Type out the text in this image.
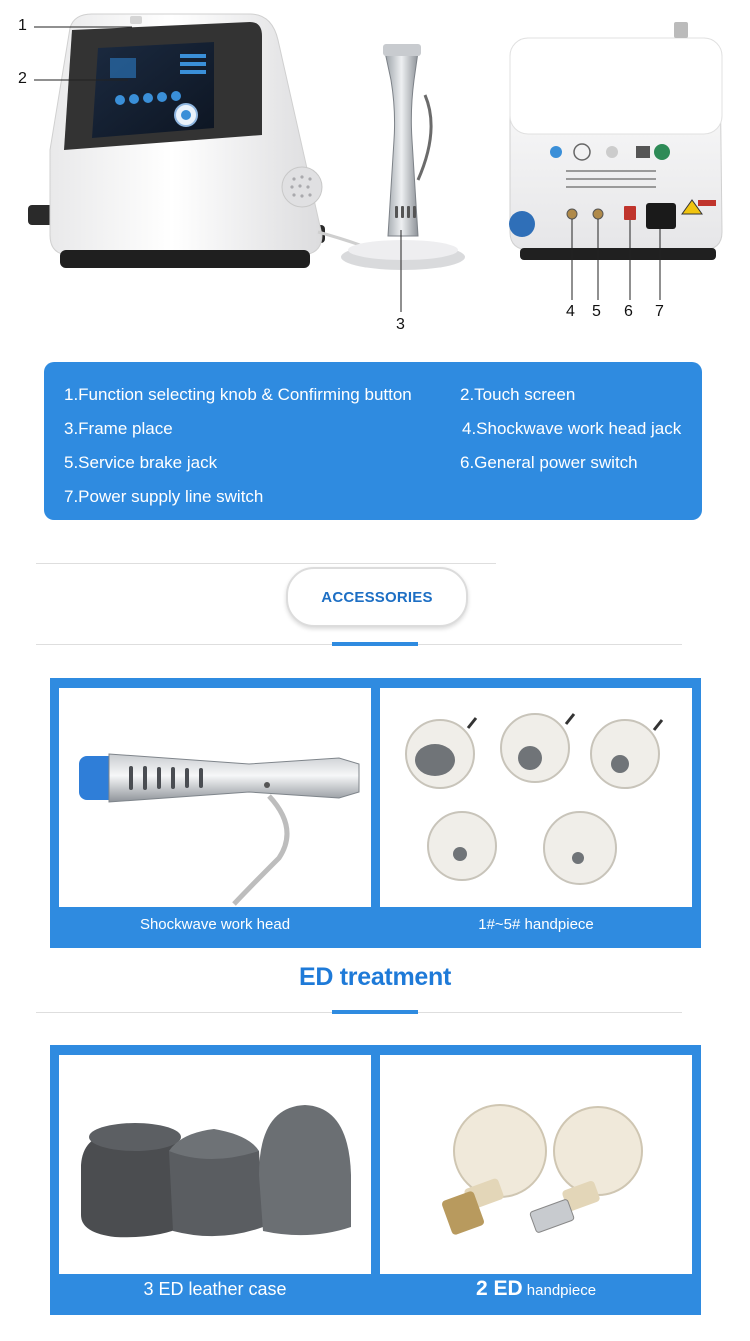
1
2
3
4 5 6 7
1.Function selecting knob & Confirming button	2.Touch screen
3.Frame place	4.Shockwave work head jack
5.Service brake jack	6.General power switch
7.Power supply line switch
ACCESSORIES
Shockwave work head	1#~5# handpiece
ED treatment
3 ED leather case	2 ED handpiece
